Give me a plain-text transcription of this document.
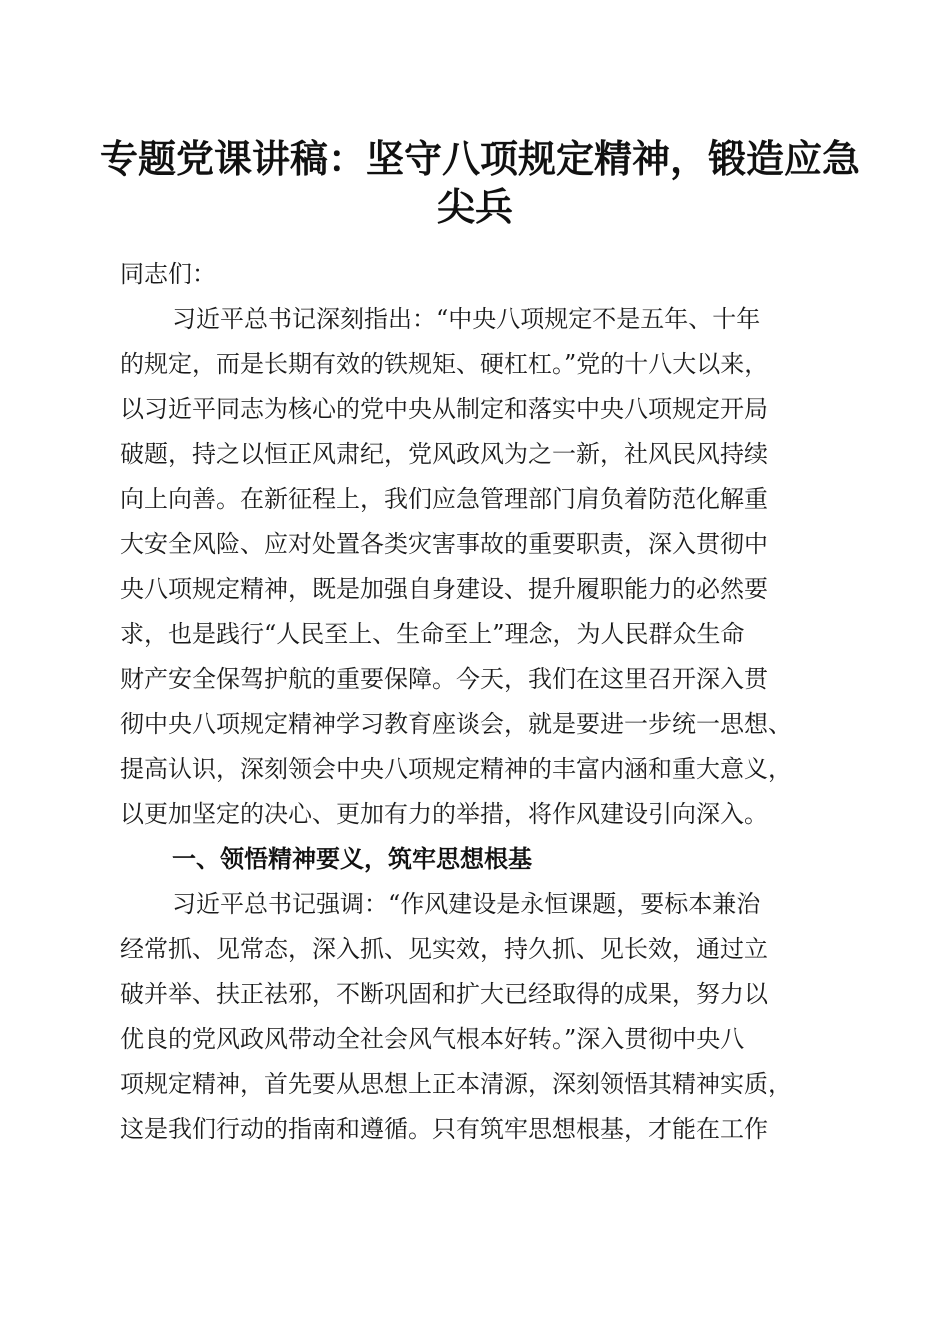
专题党课讲稿：坚守八项规定精神，锻造应急
尖兵
同志们：
习近平总书记深刻指出：“中央八项规定不是五年、十年
的规定，而是长期有效的铁规矩、硬杠杠。”党的十八大以来，
以习近平同志为核心的党中央从制定和落实中央八项规定开局
破题，持之以恒正风肃纪，党风政风为之一新，社风民风持续
向上向善。在新征程上，我们应急管理部门肩负着防范化解重
大安全风险、应对处置各类灾害事故的重要职责，深入贯彻中
央八项规定精神，既是加强自身建设、提升履职能力的必然要
求，也是践行“人民至上、生命至上”理念，为人民群众生命
财产安全保驾护航的重要保障。今天，我们在这里召开深入贯
彻中央八项规定精神学习教育座谈会，就是要进一步统一思想、
提高认识，深刻领会中央八项规定精神的丰富内涵和重大意义，
以更加坚定的决心、更加有力的举措，将作风建设引向深入。
一、领悟精神要义，筑牢思想根基
习近平总书记强调：“作风建设是永恒课题，要标本兼治
经常抓、见常态，深入抓、见实效，持久抓、见长效，通过立
破并举、扶正祛邪，不断巩固和扩大已经取得的成果，努力以
优良的党风政风带动全社会风气根本好转。”深入贯彻中央八
项规定精神，首先要从思想上正本清源，深刻领悟其精神实质，
这是我们行动的指南和遵循。只有筑牢思想根基，才能在工作
